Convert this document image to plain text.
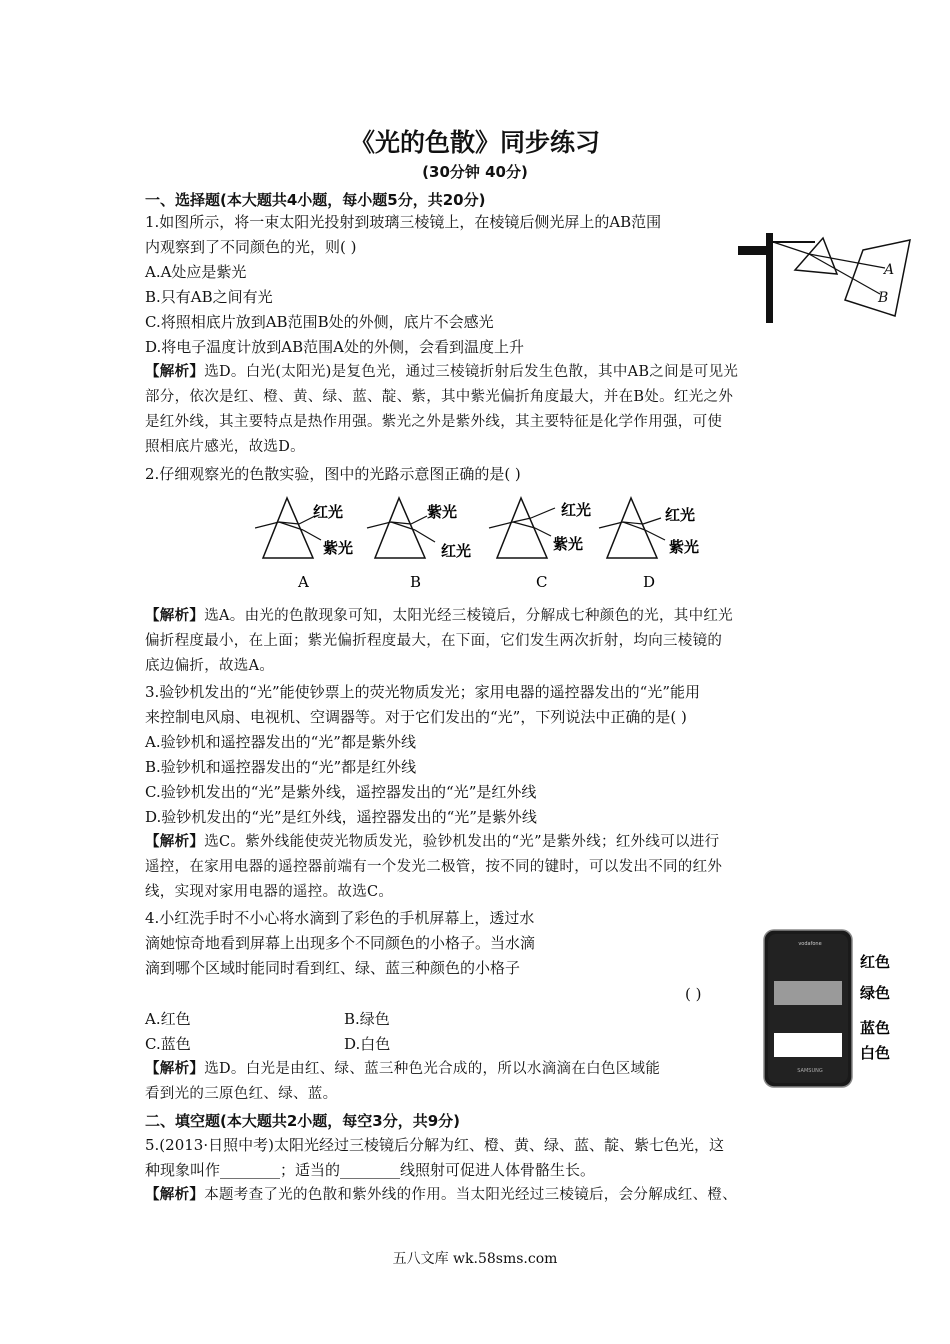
《光的色散》同步练习
(30分钟 40分)
一、选择题(本大题共4小题，每小题5分，共20分)
1.如图所示，将一束太阳光投射到玻璃三棱镜上，在棱镜后侧光屏上的AB范围
内观察到了不同颜色的光，则( )
A.A处应是紫光
B.只有AB之间有光
C.将照相底片放到AB范围B处的外侧，底片不会感光
D.将电子温度计放到AB范围A处的外侧，会看到温度上升
【解析】选D。白光(太阳光)是复色光，通过三棱镜折射后发生色散，其中AB之间是可见光
部分，依次是红、橙、黄、绿、蓝、靛、紫，其中紫光偏折角度最大，并在B处。红光之外
是红外线，其主要特点是热作用强。紫光之外是紫外线，其主要特征是化学作用强，可使
照相底片感光，故选D。
A
B
2.仔细观察光的色散实验，图中的光路示意图正确的是( )
红光
紫光
A
紫光
红光
B
红光
紫光
C
红光
紫光
D
【解析】选A。由光的色散现象可知，太阳光经三棱镜后，分解成七种颜色的光，其中红光
偏折程度最小，在上面；紫光偏折程度最大，在下面，它们发生两次折射，均向三棱镜的
底边偏折，故选A。
3.验钞机发出的“光”能使钞票上的荧光物质发光；家用电器的遥控器发出的“光”能用
来控制电风扇、电视机、空调器等。对于它们发出的“光”，下列说法中正确的是( )
A.验钞机和遥控器发出的“光”都是紫外线
B.验钞机和遥控器发出的“光”都是红外线
C.验钞机发出的“光”是紫外线，遥控器发出的“光”是红外线
D.验钞机发出的“光”是红外线，遥控器发出的“光”是紫外线
【解析】选C。紫外线能使荧光物质发光，验钞机发出的“光”是紫外线；红外线可以进行
遥控，在家用电器的遥控器前端有一个发光二极管，按不同的键时，可以发出不同的红外
线，实现对家用电器的遥控。故选C。
4.小红洗手时不小心将水滴到了彩色的手机屏幕上，透过水
滴她惊奇地看到屏幕上出现多个不同颜色的小格子。当水滴
滴到哪个区域时能同时看到红、绿、蓝三种颜色的小格子
( )
A.红色	B.绿色
C.蓝色	D.白色
【解析】选D。白光是由红、绿、蓝三种色光合成的，所以水滴滴在白色区域能
看到光的三原色红、绿、蓝。
vodafone
SAMSUNG
红色
绿色
蓝色
白色
二、填空题(本大题共2小题，每空3分，共9分)
5.(2013·日照中考)太阳光经过三棱镜后分解为红、橙、黄、绿、蓝、靛、紫七色光，这
种现象叫作________；适当的________线照射可促进人体骨骼生长。
【解析】本题考查了光的色散和紫外线的作用。当太阳光经过三棱镜后，会分解成红、橙、
五八文库 wk.58sms.com
